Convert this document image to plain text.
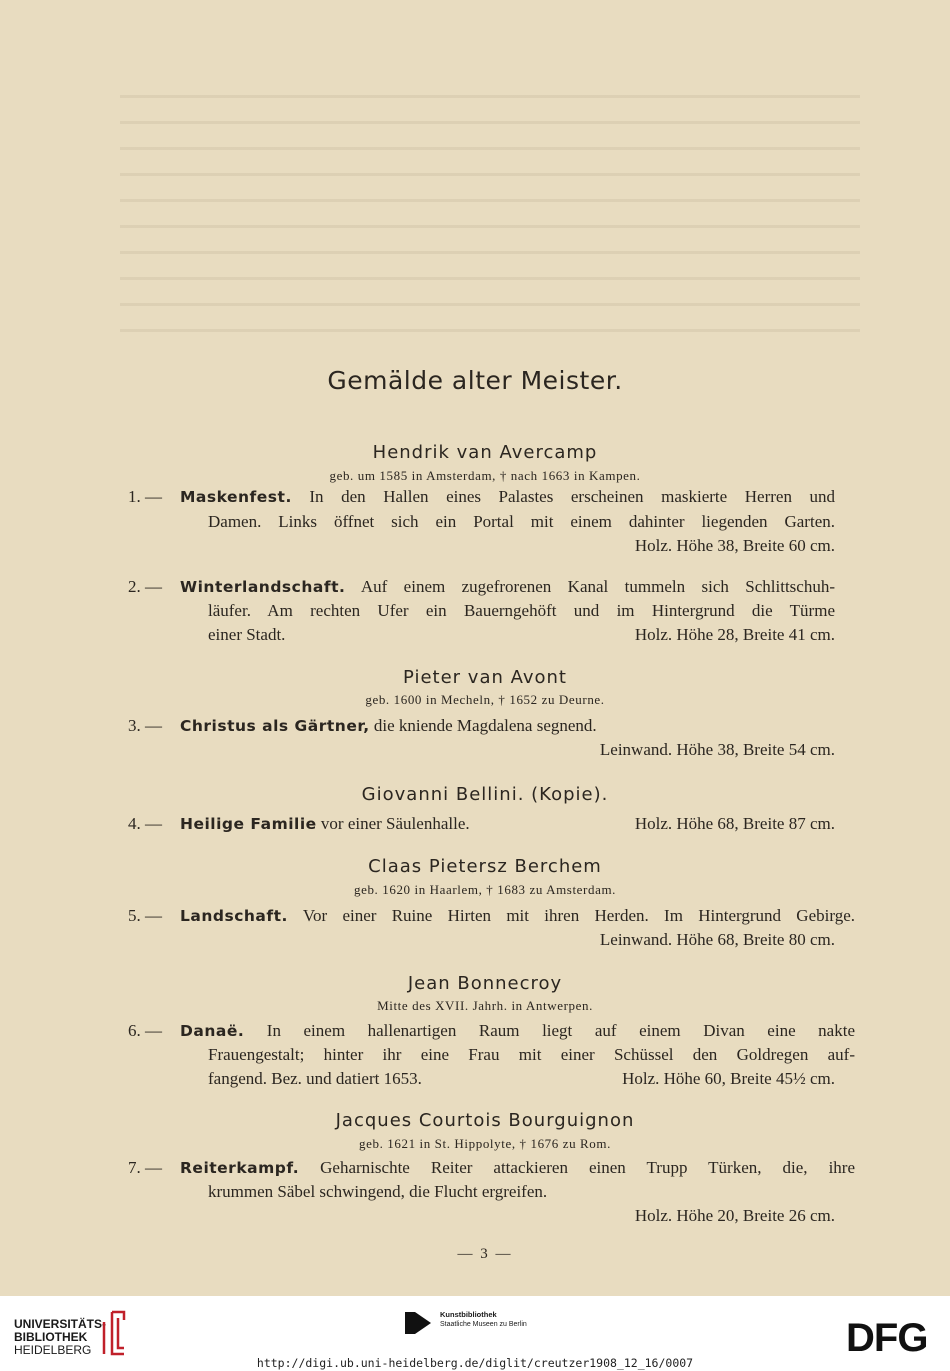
Gemälde alter Meister.
Hendrik van Avercamp
geb. um 1585 in Amsterdam, † nach 1663 in Kampen.
1. — Maskenfest. In den Hallen eines Palastes erscheinen maskierte Herren und
Damen. Links öffnet sich ein Portal mit einem dahinter liegenden Garten.
Holz. Höhe 38, Breite 60 cm.
2. — Winterlandschaft. Auf einem zugefrorenen Kanal tummeln sich Schlittschuh-
läufer. Am rechten Ufer ein Bauerngehöft und im Hintergrund die Türme
einer Stadt.	Holz. Höhe 28, Breite 41 cm.
Pieter van Avont
geb. 1600 in Mecheln, † 1652 zu Deurne.
3. — Christus als Gärtner, die kniende Magdalena segnend.
Leinwand. Höhe 38, Breite 54 cm.
Giovanni Bellini. (Kopie).
4. — Heilige Familie vor einer Säulenhalle.	Holz. Höhe 68, Breite 87 cm.
Claas Pietersz Berchem
geb. 1620 in Haarlem, † 1683 zu Amsterdam.
5. — Landschaft. Vor einer Ruine Hirten mit ihren Herden. Im Hintergrund Gebirge.
Leinwand. Höhe 68, Breite 80 cm.
Jean Bonnecroy
Mitte des XVII. Jahrh. in Antwerpen.
6. — Danaë. In einem hallenartigen Raum liegt auf einem Divan eine nakte
Frauengestalt; hinter ihr eine Frau mit einer Schüssel den Goldregen auf-
fangend. Bez. und datiert 1653.	Holz. Höhe 60, Breite 45½ cm.
Jacques Courtois Bourguignon
geb. 1621 in St. Hippolyte, † 1676 zu Rom.
7. — Reiterkampf. Geharnischte Reiter attackieren einen Trupp Türken, die, ihre
krummen Säbel schwingend, die Flucht ergreifen.
Holz. Höhe 20, Breite 26 cm.
— 3 —
UNIVERSITÄTS-
BIBLIOTHEK
HEIDELBERG
Kunstbibliothek
Staatliche Museen zu Berlin	DFG
http://digi.ub.uni-heidelberg.de/diglit/creutzer1908_12_16/0007
